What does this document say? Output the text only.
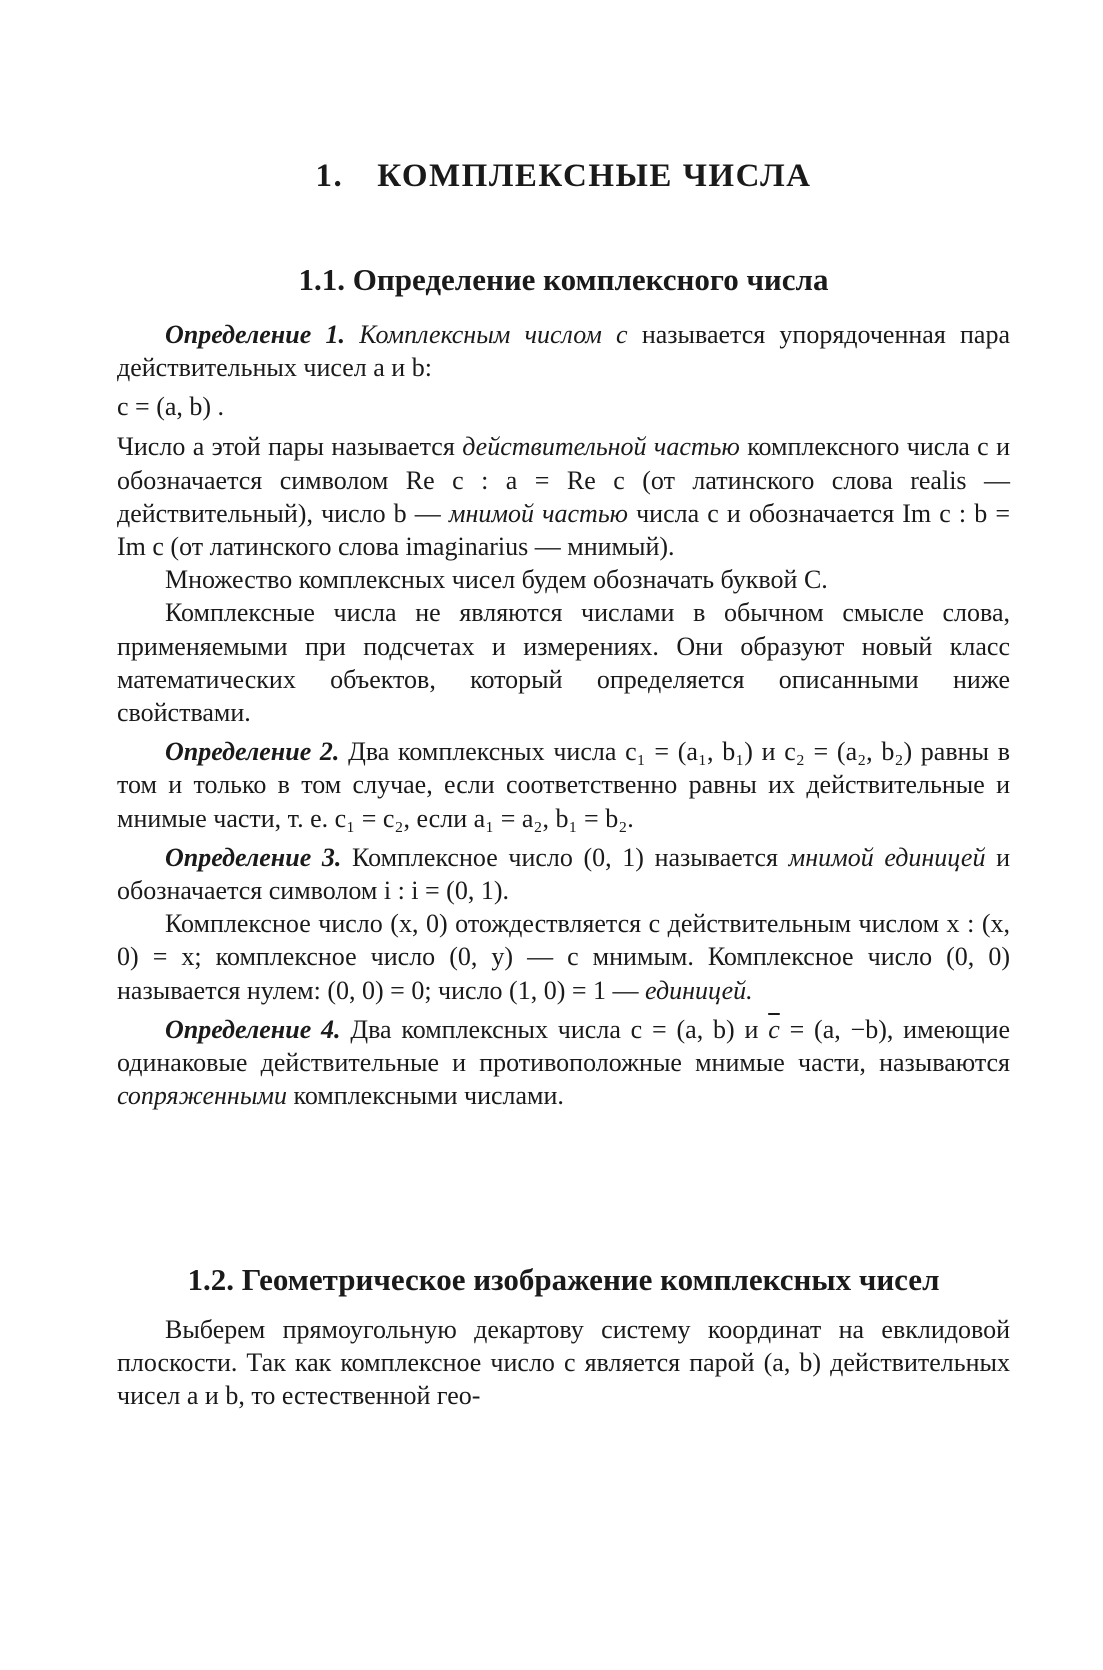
1. КОМПЛЕКСНЫЕ ЧИСЛА
1.1. Определение комплексного числа

Определение 1. Комплексным числом c называется упорядоченная пара действительных чисел a и b:

c = (a, b) .

Число a этой пары называется действительной частью комплексного числа c и обозначается символом Re c : a = Re c (от латинского слова realis — действительный), число b — мнимой частью числа c и обозначается Im c : b = Im c (от латинского слова imaginarius — мнимый).

Множество комплексных чисел будем обозначать буквой C.

Комплексные числа не являются числами в обычном смысле слова, применяемыми при подсчетах и измерениях. Они образуют новый класс математических объектов, который определяется описанными ниже свойствами.

Определение 2. Два комплексных числа c₁ = (a₁, b₁) и c₂ = (a₂, b₂) равны в том и только в том случае, если соответственно равны их действительные и мнимые части, т. е. c₁ = c₂, если a₁ = a₂, b₁ = b₂.

Определение 3. Комплексное число (0, 1) называется мнимой единицей и обозначается символом i : i = (0, 1).

Комплексное число (x, 0) отождествляется с действительным числом x : (x, 0) = x; комплексное число (0, y) — с мнимым. Комплексное число (0, 0) называется нулем: (0, 0) = 0; число (1, 0) = 1 — единицей.

Определение 4. Два комплексных числа c = (a, b) и $\overline{c} = (a$, −b), имеющие одинаковые действительные и противоположные мнимые части, называются сопряженными комплексными числами.

1.2. Геометрическое изображение комплексных чисел

Выберем прямоугольную декартову систему координат на евклидовой плоскости. Так как комплексное число c является парой (a, b) действительных чисел a и b, то естественной гео-
